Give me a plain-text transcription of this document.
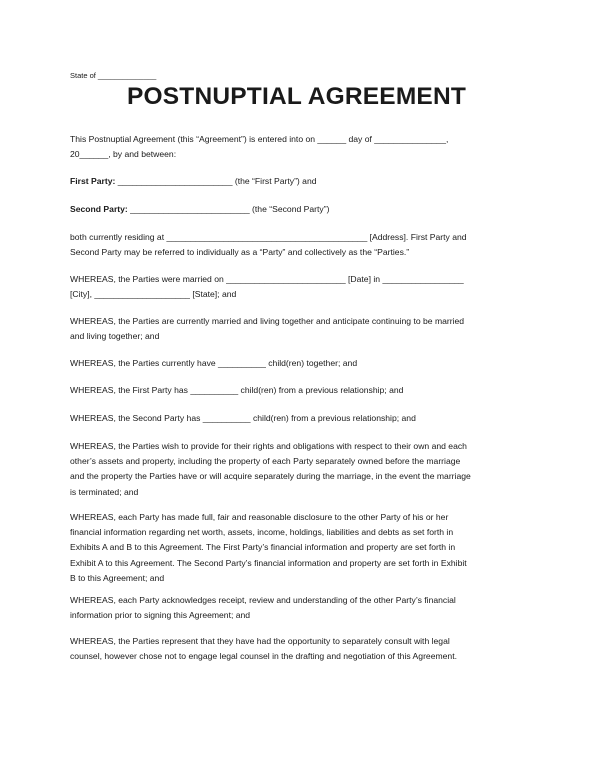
State of ______________
POSTNUPTIAL AGREEMENT

This Postnuptial Agreement (this “Agreement”) is entered into on ______ day of _______________,
20______, by and between:

First Party: ________________________ (the “First Party”) and

Second Party: _________________________ (the “Second Party”)

both currently residing at __________________________________________ [Address]. First Party and
Second Party may be referred to individually as a “Party” and collectively as the “Parties.”

WHEREAS, the Parties were married on _________________________ [Date] in _________________
[City], ____________________ [State]; and

WHEREAS, the Parties are currently married and living together and anticipate continuing to be married
and living together; and

WHEREAS, the Parties currently have __________ child(ren) together; and

WHEREAS, the First Party has __________ child(ren) from a previous relationship; and

WHEREAS, the Second Party has __________ child(ren) from a previous relationship; and

WHEREAS, the Parties wish to provide for their rights and obligations with respect to their own and each
other’s assets and property, including the property of each Party separately owned before the marriage
and the property the Parties have or will acquire separately during the marriage, in the event the marriage
is terminated; and

WHEREAS, each Party has made full, fair and reasonable disclosure to the other Party of his or her
financial information regarding net worth, assets, income, holdings, liabilities and debts as set forth in
Exhibits A and B to this Agreement. The First Party’s financial information and property are set forth in
Exhibit A to this Agreement. The Second Party’s financial information and property are set forth in Exhibit
B to this Agreement; and

WHEREAS, each Party acknowledges receipt, review and understanding of the other Party’s financial
information prior to signing this Agreement; and

WHEREAS, the Parties represent that they have had the opportunity to separately consult with legal
counsel, however chose not to engage legal counsel in the drafting and negotiation of this Agreement.
